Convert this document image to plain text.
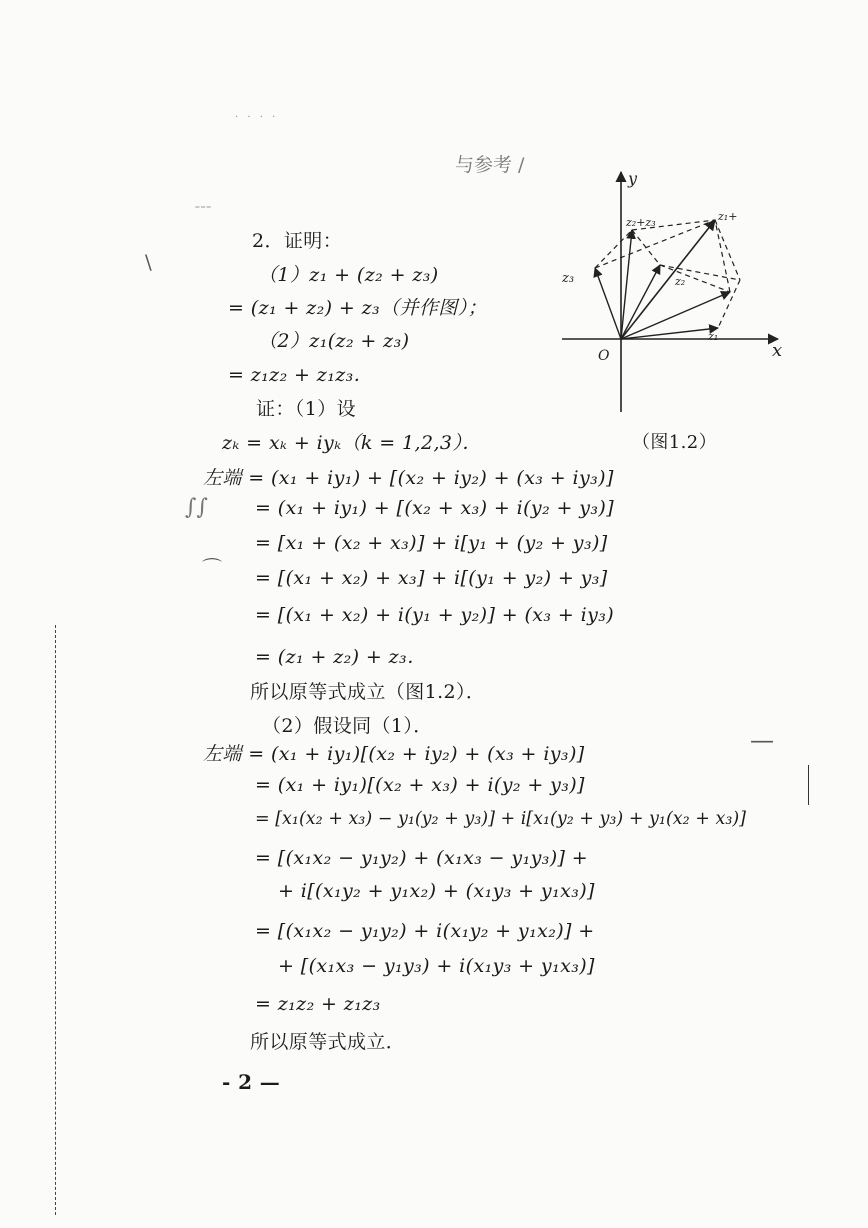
· · · ·
与参考 /
﹍
\
∫∫
⌒
—
y
x
O
z₁
z₂
z₃
z₂+z₃	z₁+
（图1.2）
2．证明：
（1）z₁ + (z₂ + z₃)
= (z₁ + z₂) + z₃（并作图）；
（2）z₁(z₂ + z₃)
= z₁z₂ + z₁z₃．
证：（1）设
zₖ = xₖ + iyₖ（k = 1,2,3）．
左端 = (x₁ + iy₁) + [(x₂ + iy₂) + (x₃ + iy₃)]
= (x₁ + iy₁) + [(x₂ + x₃) + i(y₂ + y₃)]
= [x₁ + (x₂ + x₃)] + i[y₁ + (y₂ + y₃)]
= [(x₁ + x₂) + x₃] + i[(y₁ + y₂) + y₃]
= [(x₁ + x₂) + i(y₁ + y₂)] + (x₃ + iy₃)
= (z₁ + z₂) + z₃．
所以原等式成立（图1.2）．
（2）假设同（1）．
左端 = (x₁ + iy₁)[(x₂ + iy₂) + (x₃ + iy₃)]
= (x₁ + iy₁)[(x₂ + x₃) + i(y₂ + y₃)]
= [x₁(x₂ + x₃) − y₁(y₂ + y₃)] + i[x₁(y₂ + y₃) + y₁(x₂ + x₃)]
= [(x₁x₂ − y₁y₂) + (x₁x₃ − y₁y₃)] +
+ i[(x₁y₂ + y₁x₂) + (x₁y₃ + y₁x₃)]
= [(x₁x₂ − y₁y₂) + i(x₁y₂ + y₁x₂)] +
+ [(x₁x₃ − y₁y₃) + i(x₁y₃ + y₁x₃)]
= z₁z₂ + z₁z₃
所以原等式成立．
- 2 —
